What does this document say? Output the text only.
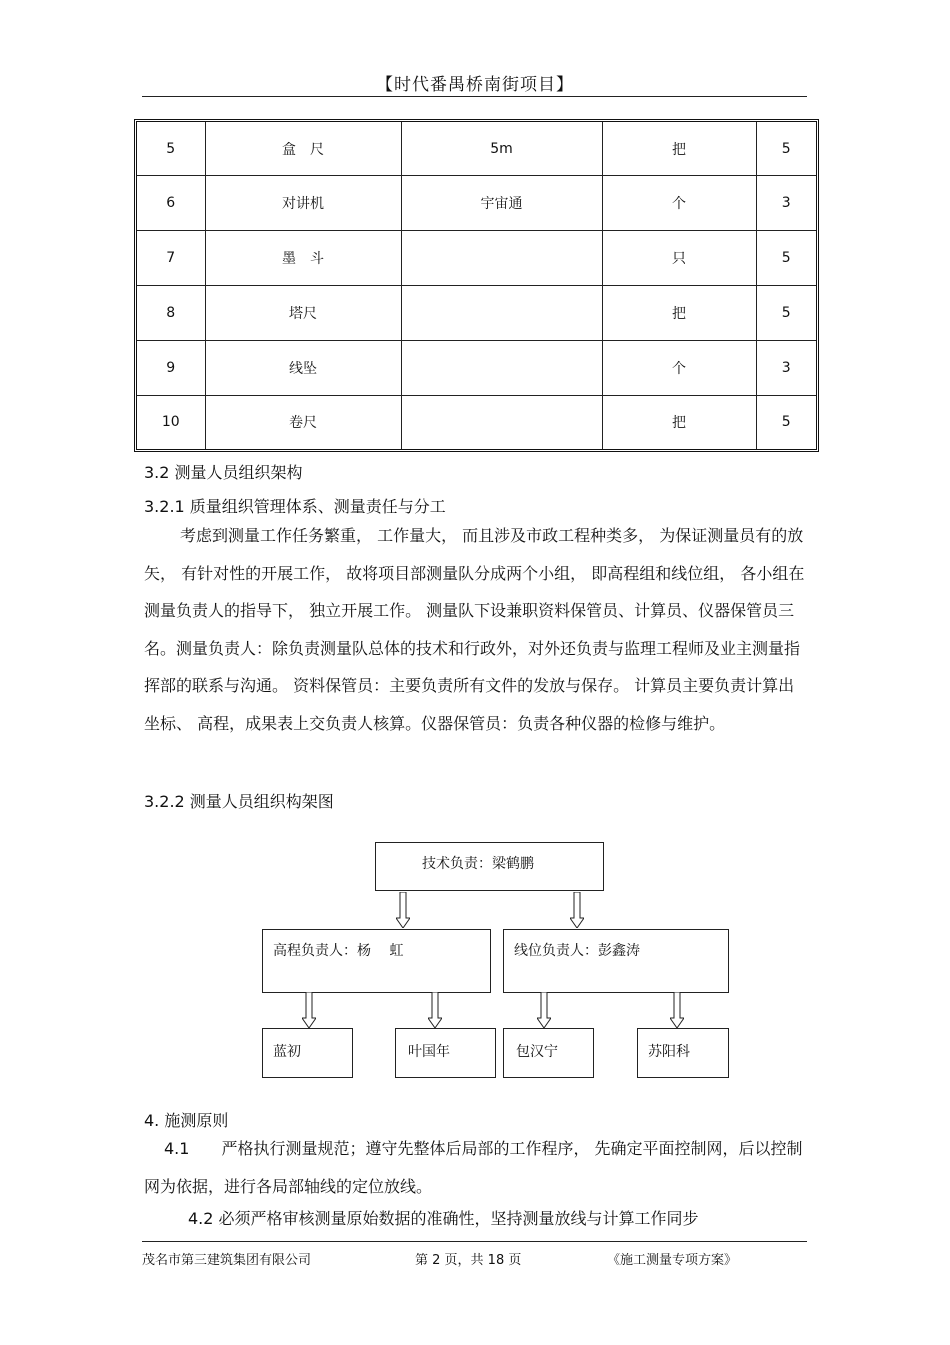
【时代番禺桥南街项目】
5	盒　尺	5m	把	5
6	对讲机	宇宙通	个	3
7	墨　斗		只	5
8	塔尺		把	5
9	线坠		个	3
10	卷尺		把	5
3.2 测量人员组织架构
3.2.1 质量组织管理体系、测量责任与分工
考虑到测量工作任务繁重， 工作量大， 而且涉及市政工程种类多， 为保证测量员有的放矢， 有针对性的开展工作， 故将项目部测量队分成两个小组， 即高程组和线位组， 各小组在测量负责人的指导下， 独立开展工作。 测量队下设兼职资料保管员、计算员、仪器保管员三名。测量负责人：除负责测量队总体的技术和行政外，对外还负责与监理工程师及业主测量指挥部的联系与沟通。 资料保管员：主要负责所有文件的发放与保存。 计算员主要负责计算出坐标、 高程，成果表上交负责人核算。仪器保管员：负责各种仪器的检修与维护。
3.2.2 测量人员组织构架图
技术负责：梁鹤鹏
高程负责人：杨　 虹	线位负责人：彭鑫涛
蓝初	叶国年	包汉宁	苏阳科
4. 施测原则
4.1　　严格执行测量规范；遵守先整体后局部的工作程序， 先确定平面控制网，后以控制网为依据，进行各局部轴线的定位放线。
4.2 必须严格审核测量原始数据的准确性，坚持测量放线与计算工作同步
茂名市第三建筑集团有限公司	第 2 页，共 18 页	《施工测量专项方案》
